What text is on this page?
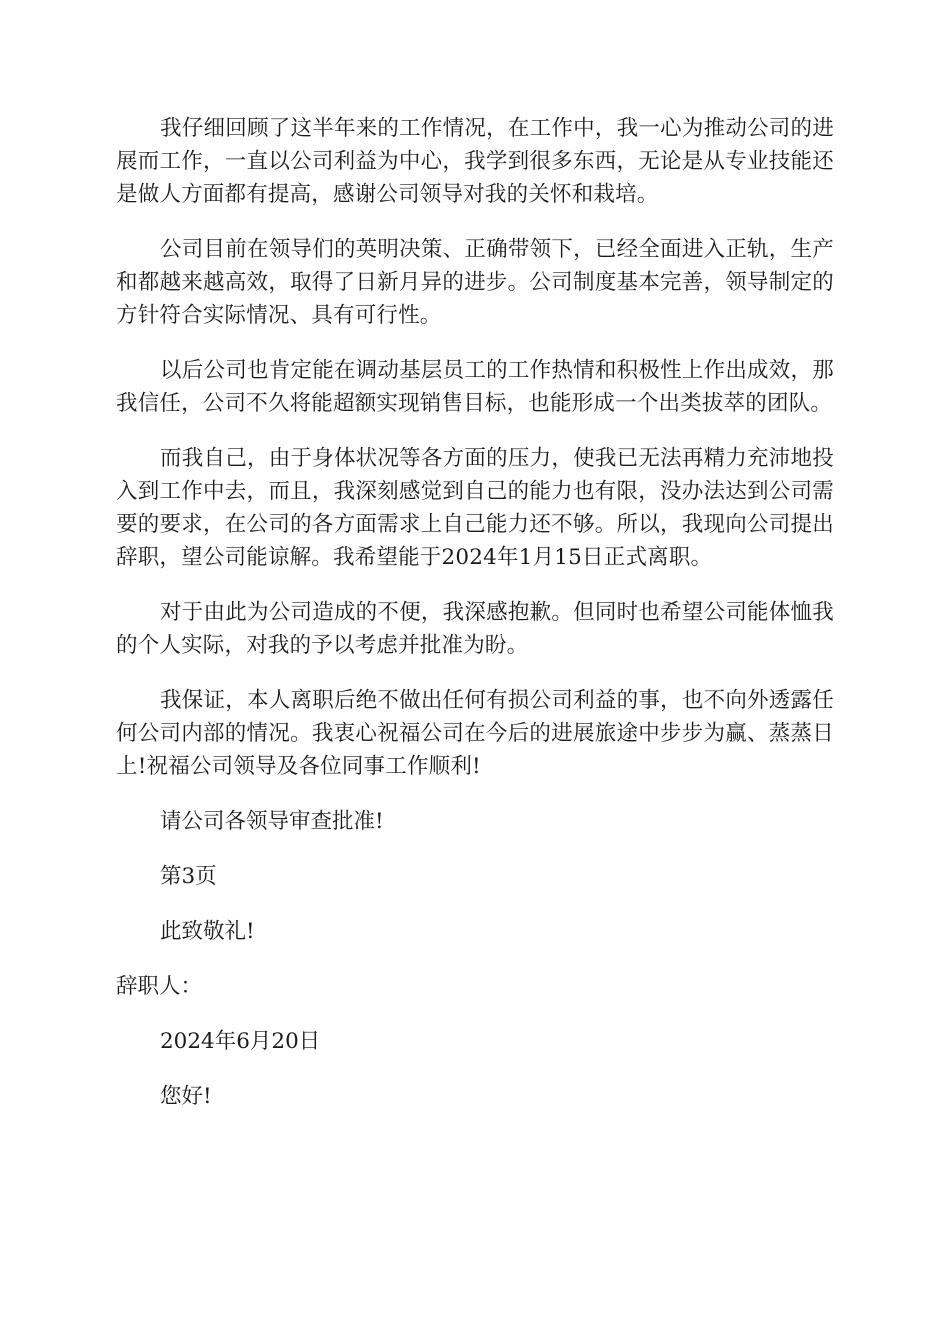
我仔细回顾了这半年来的工作情况，在工作中，我一心为推动公司的进展而工作，一直以公司利益为中心，我学到很多东西，无论是从专业技能还是做人方面都有提高，感谢公司领导对我的关怀和栽培。

公司目前在领导们的英明决策、正确带领下，已经全面进入正轨，生产和都越来越高效，取得了日新月异的进步。公司制度基本完善，领导制定的方针符合实际情况、具有可行性。

以后公司也肯定能在调动基层员工的工作热情和积极性上作出成效，那我信任，公司不久将能超额实现销售目标，也能形成一个出类拔萃的团队。

而我自己，由于身体状况等各方面的压力，使我已无法再精力充沛地投入到工作中去，而且，我深刻感觉到自己的能力也有限，没办法达到公司需要的要求，在公司的各方面需求上自己能力还不够。所以，我现向公司提出辞职，望公司能谅解。我希望能于2024年1月15日正式离职。

对于由此为公司造成的不便，我深感抱歉。但同时也希望公司能体恤我的个人实际，对我的予以考虑并批准为盼。

我保证，本人离职后绝不做出任何有损公司利益的事，也不向外透露任何公司内部的情况。我衷心祝福公司在今后的进展旅途中步步为赢、蒸蒸日上!祝福公司领导及各位同事工作顺利!

请公司各领导审查批准!

第3页

此致敬礼!

辞职人：

2024年6月20日

您好!
